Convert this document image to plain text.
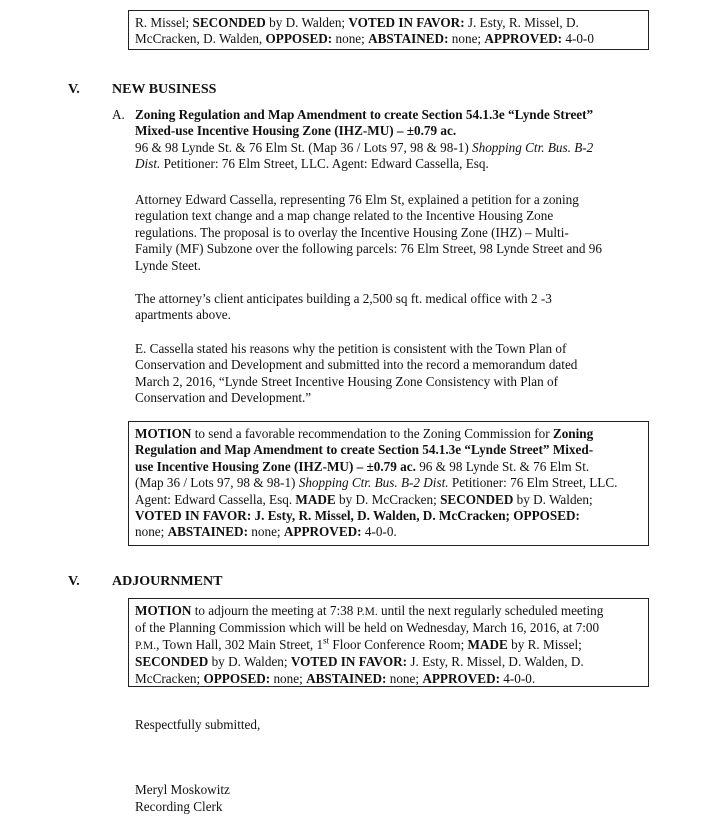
R. Missel; SECONDED by D. Walden; VOTED IN FAVOR: J. Esty, R. Missel, D.
McCracken, D. Walden, OPPOSED: none; ABSTAINED: none; APPROVED: 4-0-0
V. NEW BUSINESS
A. Zoning Regulation and Map Amendment to create Section 54.1.3e “Lynde Street”
Mixed-use Incentive Housing Zone (IHZ-MU) – ±0.79 ac.
96 & 98 Lynde St. & 76 Elm St. (Map 36 / Lots 97, 98 & 98-1) Shopping Ctr. Bus. B-2
Dist. Petitioner: 76 Elm Street, LLC. Agent: Edward Cassella, Esq.
Attorney Edward Cassella, representing 76 Elm St, explained a petition for a zoning
regulation text change and a map change related to the Incentive Housing Zone
regulations. The proposal is to overlay the Incentive Housing Zone (IHZ) – Multi-
Family (MF) Subzone over the following parcels: 76 Elm Street, 98 Lynde Street and 96
Lynde Steet.
The attorney’s client anticipates building a 2,500 sq ft. medical office with 2 -3
apartments above.
E. Cassella stated his reasons why the petition is consistent with the Town Plan of
Conservation and Development and submitted into the record a memorandum dated
March 2, 2016, “Lynde Street Incentive Housing Zone Consistency with Plan of
Conservation and Development.”
MOTION to send a favorable recommendation to the Zoning Commission for Zoning
Regulation and Map Amendment to create Section 54.1.3e “Lynde Street” Mixed-
use Incentive Housing Zone (IHZ-MU) – ±0.79 ac. 96 & 98 Lynde St. & 76 Elm St.
(Map 36 / Lots 97, 98 & 98-1) Shopping Ctr. Bus. B-2 Dist. Petitioner: 76 Elm Street, LLC.
Agent: Edward Cassella, Esq. MADE by D. McCracken; SECONDED by D. Walden;
VOTED IN FAVOR: J. Esty, R. Missel, D. Walden, D. McCracken; OPPOSED:
none; ABSTAINED: none; APPROVED: 4-0-0.
V. ADJOURNMENT
MOTION to adjourn the meeting at 7:38 P.M. until the next regularly scheduled meeting
of the Planning Commission which will be held on Wednesday, March 16, 2016, at 7:00
P.M., Town Hall, 302 Main Street, 1st Floor Conference Room; MADE by R. Missel;
SECONDED by D. Walden; VOTED IN FAVOR: J. Esty, R. Missel, D. Walden, D.
McCracken; OPPOSED: none; ABSTAINED: none; APPROVED: 4-0-0.
Respectfully submitted,
Meryl Moskowitz
Recording Clerk
